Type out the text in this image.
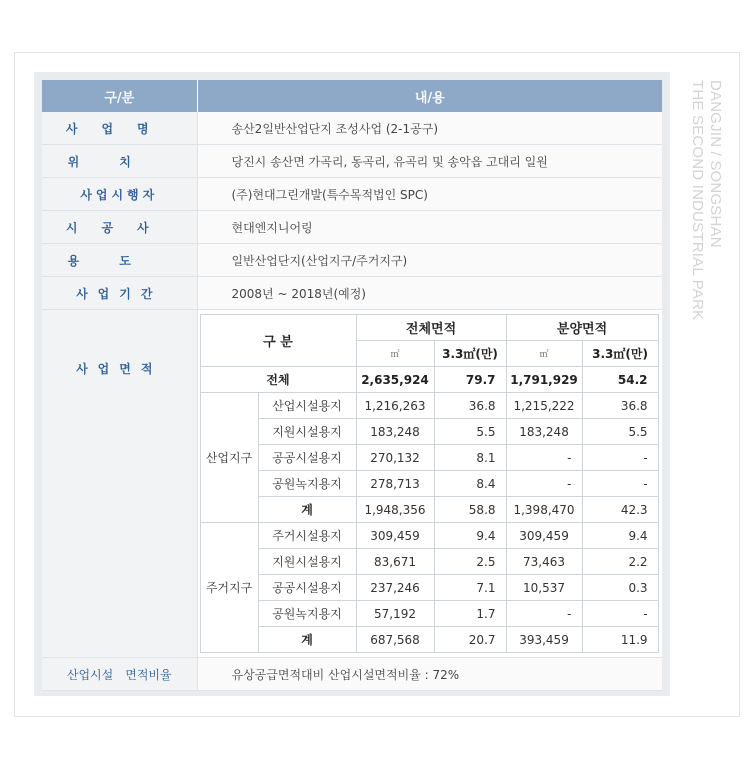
DANGJIN / SONGSHAN
THE SECOND INDUSTRIAL PARK
구/분	내/용
사업명	송산2일반산업단지 조성사업 (2-1공구)
위치	당진시 송산면 가곡리, 동곡리, 유곡리 및 송악읍 고대리 일원
사업시행자	(주)현대그린개발(특수목적법인 SPC)
시공사	현대엔지니어링
용도	일반산업단지(산업지구/주거지구)
사업기간	2008년 ~ 2018년(예정)
사업면적	
구 분	전체면적	분양면적
㎡	3.3㎡(만)	㎡	3.3㎡(만)
전체	2,635,924	79.7	1,791,929	54.2
산업지구	산업시설용지	1,216,263	36.8	1,215,222	36.8
지원시설용지	183,248	5.5	183,248	5.5
공공시설용지	270,132	8.1	-	-
공원녹지용지	278,713	8.4	-	-
계	1,948,356	58.8	1,398,470	42.3
주거지구	주거시설용지	309,459	9.4	309,459	9.4
지원시설용지	83,671	2.5	73,463	2.2
공공시설용지	237,246	7.1	10,537	0.3
공원녹지용지	57,192	1.7	-	-
계	687,568	20.7	393,459	11.9

산업시설　면적비율	유상공급면적대비 산업시설면적비율 : 72%
